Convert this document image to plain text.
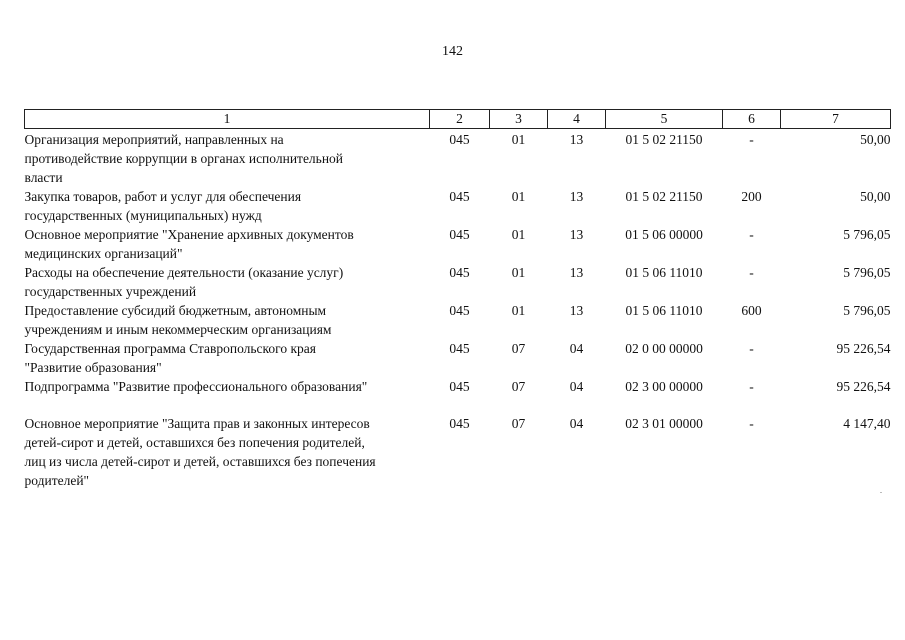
142
1	2	3	4	5	6	7

Организация мероприятий, направленных на
противодействие коррупции в органах исполнительной
власти	045	01	13	01 5 02 21150	-	50,00

Закупка товаров, работ и услуг для обеспечения
государственных (муниципальных) нужд	045	01	13	01 5 02 21150	200	50,00

Основное мероприятие "Хранение архивных документов
медицинских организаций"	045	01	13	01 5 06 00000	-	5 796,05

Расходы на обеспечение деятельности (оказание услуг)
государственных учреждений	045	01	13	01 5 06 11010	-	5 796,05

Предоставление субсидий бюджетным, автономным
учреждениям и иным некоммерческим организациям	045	01	13	01 5 06 11010	600	5 796,05

Государственная программа Ставропольского края
"Развитие образования"	045	07	04	02 0 00 00000	-	95 226,54

Подпрограмма "Развитие профессионального образования"	045	07	04	02 3 00 00000	-	95 226,54

Основное мероприятие "Защита прав и законных интересов
детей-сирот и детей, оставшихся без попечения родителей,
лиц из числа детей-сирот и детей, оставшихся без попечения
родителей"	045	07	04	02 3 01 00000	-	4 147,40
